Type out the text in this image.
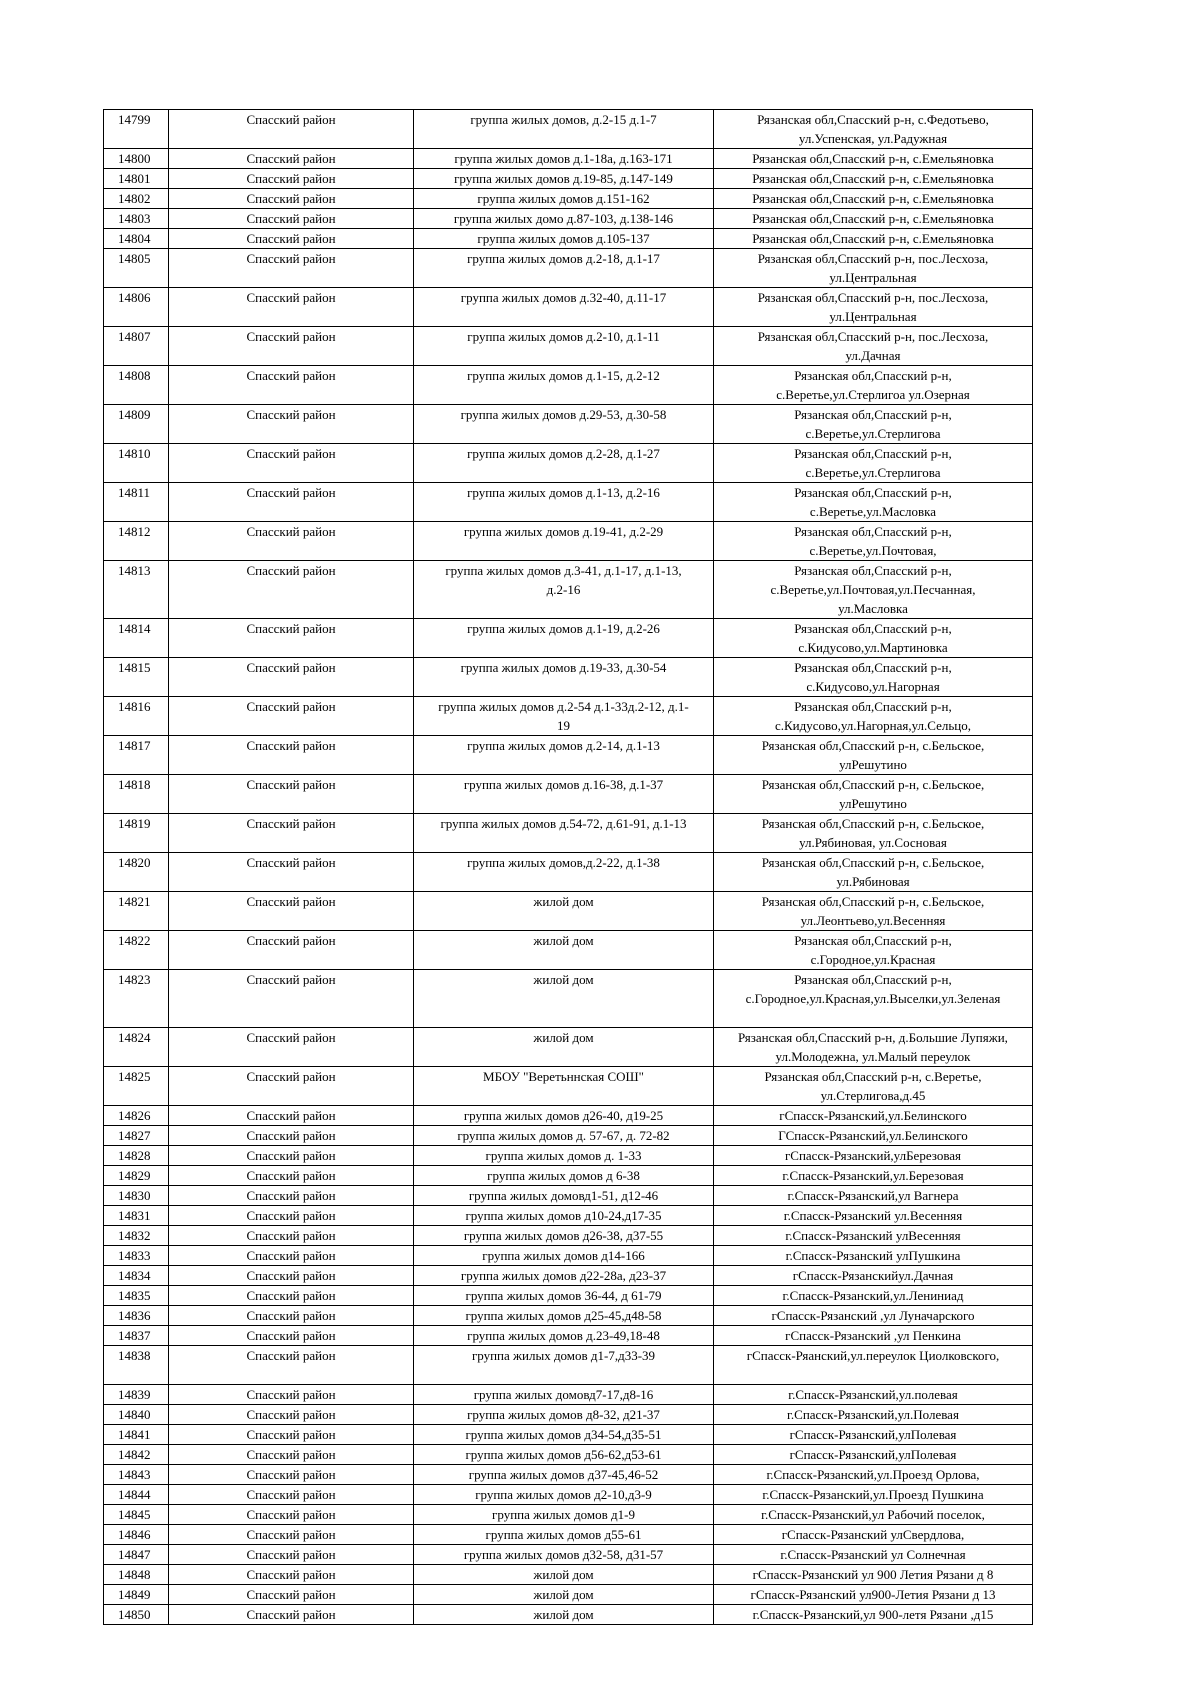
14799	Спасский район	группа жилых домов, д.2-15 д.1-7	Рязанская обл,Спасский р-н, с.Федотьево,
ул.Успенская, ул.Радужная

14800	Спасский район	группа жилых домов д.1-18а, д.163-171	Рязанская обл,Спасский р-н, с.Емельяновка

14801	Спасский район	группа жилых домов д.19-85, д.147-149	Рязанская обл,Спасский р-н, с.Емельяновка

14802	Спасский район	группа жилых домов д.151-162	Рязанская обл,Спасский р-н, с.Емельяновка

14803	Спасский район	группа жилых домо д.87-103, д.138-146	Рязанская обл,Спасский р-н, с.Емельяновка

14804	Спасский район	группа жилых домов д.105-137	Рязанская обл,Спасский р-н, с.Емельяновка

14805	Спасский район	группа жилых домов д.2-18, д.1-17	Рязанская обл,Спасский р-н, пос.Лесхоза,
ул.Центральная

14806	Спасский район	группа жилых домов д.32-40, д.11-17	Рязанская обл,Спасский р-н, пос.Лесхоза,
ул.Центральная

14807	Спасский район	группа жилых домов д.2-10, д.1-11	Рязанская обл,Спасский р-н, пос.Лесхоза,
ул.Дачная

14808	Спасский район	группа жилых домов д.1-15, д.2-12	Рязанская обл,Спасский р-н,
с.Веретье,ул.Стерлигоа ул.Озерная

14809	Спасский район	группа жилых домов д.29-53, д.30-58	Рязанская обл,Спасский р-н,
с.Веретье,ул.Стерлигова

14810	Спасский район	группа жилых домов д.2-28, д.1-27	Рязанская обл,Спасский р-н,
с.Веретье,ул.Стерлигова

14811	Спасский район	группа жилых домов д.1-13, д.2-16	Рязанская обл,Спасский р-н,
с.Веретье,ул.Масловка

14812	Спасский район	группа жилых домов д.19-41, д.2-29	Рязанская обл,Спасский р-н,
с.Веретье,ул.Почтовая,

14813	Спасский район	группа жилых домов д.3-41, д.1-17, д.1-13,
д.2-16	Рязанская обл,Спасский р-н,
с.Веретье,ул.Почтовая,ул.Песчанная,
ул.Масловка

14814	Спасский район	группа жилых домов д.1-19, д.2-26	Рязанская обл,Спасский р-н,
с.Кидусово,ул.Мартиновка

14815	Спасский район	группа жилых домов д.19-33, д.30-54	Рязанская обл,Спасский р-н,
с.Кидусово,ул.Нагорная

14816	Спасский район	группа жилых домов д.2-54 д.1-33д.2-12, д.1-
19	Рязанская обл,Спасский р-н,
с.Кидусово,ул.Нагорная,ул.Сельцо,

14817	Спасский район	группа жилых домов д.2-14, д.1-13	Рязанская обл,Спасский р-н, с.Бельское,
улРешутино

14818	Спасский район	группа жилых домов д.16-38, д.1-37	Рязанская обл,Спасский р-н, с.Бельское,
улРешутино

14819	Спасский район	группа жилых домов д.54-72, д.61-91, д.1-13	Рязанская обл,Спасский р-н, с.Бельское,
ул.Рябиновая, ул.Сосновая

14820	Спасский район	группа жилых домов,д.2-22, д.1-38	Рязанская обл,Спасский р-н, с.Бельское,
ул.Рябиновая

14821	Спасский район	жилой дом	Рязанская обл,Спасский р-н, с.Бельское,
ул.Леонтьево,ул.Весенняя

14822	Спасский район	жилой дом	Рязанская обл,Спасский р-н,
с.Городное,ул.Красная

14823	Спасский район	жилой дом	Рязанская обл,Спасский р-н,
с.Городное,ул.Красная,ул.Выселки,ул.Зеленая

14824	Спасский район	жилой дом	Рязанская обл,Спасский р-н, д.Большие Лупяжи,
ул.Молодежна, ул.Малый переулок

14825	Спасский район	МБОУ "Веретьннская СОШ"	Рязанская обл,Спасский р-н, с.Веретье,
ул.Стерлигова,д.45

14826	Спасский район	группа жилых домов д26-40, д19-25	гСпасск-Рязанский,ул.Белинского

14827	Спасский район	группа жилых домов д. 57-67, д. 72-82	ГСпасск-Рязанский,ул.Белинского

14828	Спасский район	группа жилых домов д. 1-33	гСпасск-Рязанский,улБерезовая

14829	Спасский район	группа жилых домов д 6-38	г.Спасск-Рязанский,ул.Березовая

14830	Спасский район	группа жилых домовд1-51, д12-46	г.Спасск-Рязанский,ул Вагнера

14831	Спасский район	группа жилых домов д10-24,д17-35	г.Спасск-Рязанский ул.Весенняя

14832	Спасский район	группа жилых домов д26-38, д37-55	г.Спасск-Рязанский улВесенняя

14833	Спасский район	группа жилых домов д14-166	г.Спасск-Рязанский улПушкина

14834	Спасский район	группа жилых домов д22-28а, д23-37	гСпасск-Рязанскийул.Дачная

14835	Спасский район	группа жилых домов 36-44, д 61-79	г.Спасск-Рязанский,ул.Лениниад

14836	Спасский район	группа жилых домов д25-45,д48-58	гСпасск-Рязанский ,ул Луначарского

14837	Спасский район	группа жилых домов д.23-49,18-48	гСпасск-Рязанский ,ул Пенкина

14838	Спасский район	группа жилых домов д1-7,д33-39	гСпасск-Ряанский,ул.переулок Циолковского,

14839	Спасский район	группа жилых домовд7-17,д8-16	г.Спасск-Рязанский,ул.полевая

14840	Спасский район	группа жилых домов д8-32, д21-37	г.Спасск-Рязанский,ул.Полевая

14841	Спасский район	группа жилых домов д34-54,д35-51	гСпасск-Рязанский,улПолевая

14842	Спасский район	группа жилых домов д56-62,д53-61	гСпасск-Рязанский,улПолевая

14843	Спасский район	группа жилых домов д37-45,46-52	г.Спасск-Рязанский,ул.Проезд Орлова,

14844	Спасский район	группа жилых домов д2-10,д3-9	г.Спасск-Рязанский,ул.Проезд Пушкина

14845	Спасский район	группа жилых домов д1-9	г.Спасск-Рязанский,ул Рабочий поселок,

14846	Спасский район	группа жилых домов д55-61	гСпасск-Рязанский улСвердлова,

14847	Спасский район	группа жилых домов д32-58, д31-57	г.Спасск-Рязанский ул Солнечная

14848	Спасский район	жилой дом	гСпасск-Рязанский ул 900 Летия Рязани д 8

14849	Спасский район	жилой дом	гСпасск-Рязанский ул900-Летия Рязани д 13

14850	Спасский район	жилой дом	г.Спасск-Рязанский,ул 900-летя Рязани ,д15
